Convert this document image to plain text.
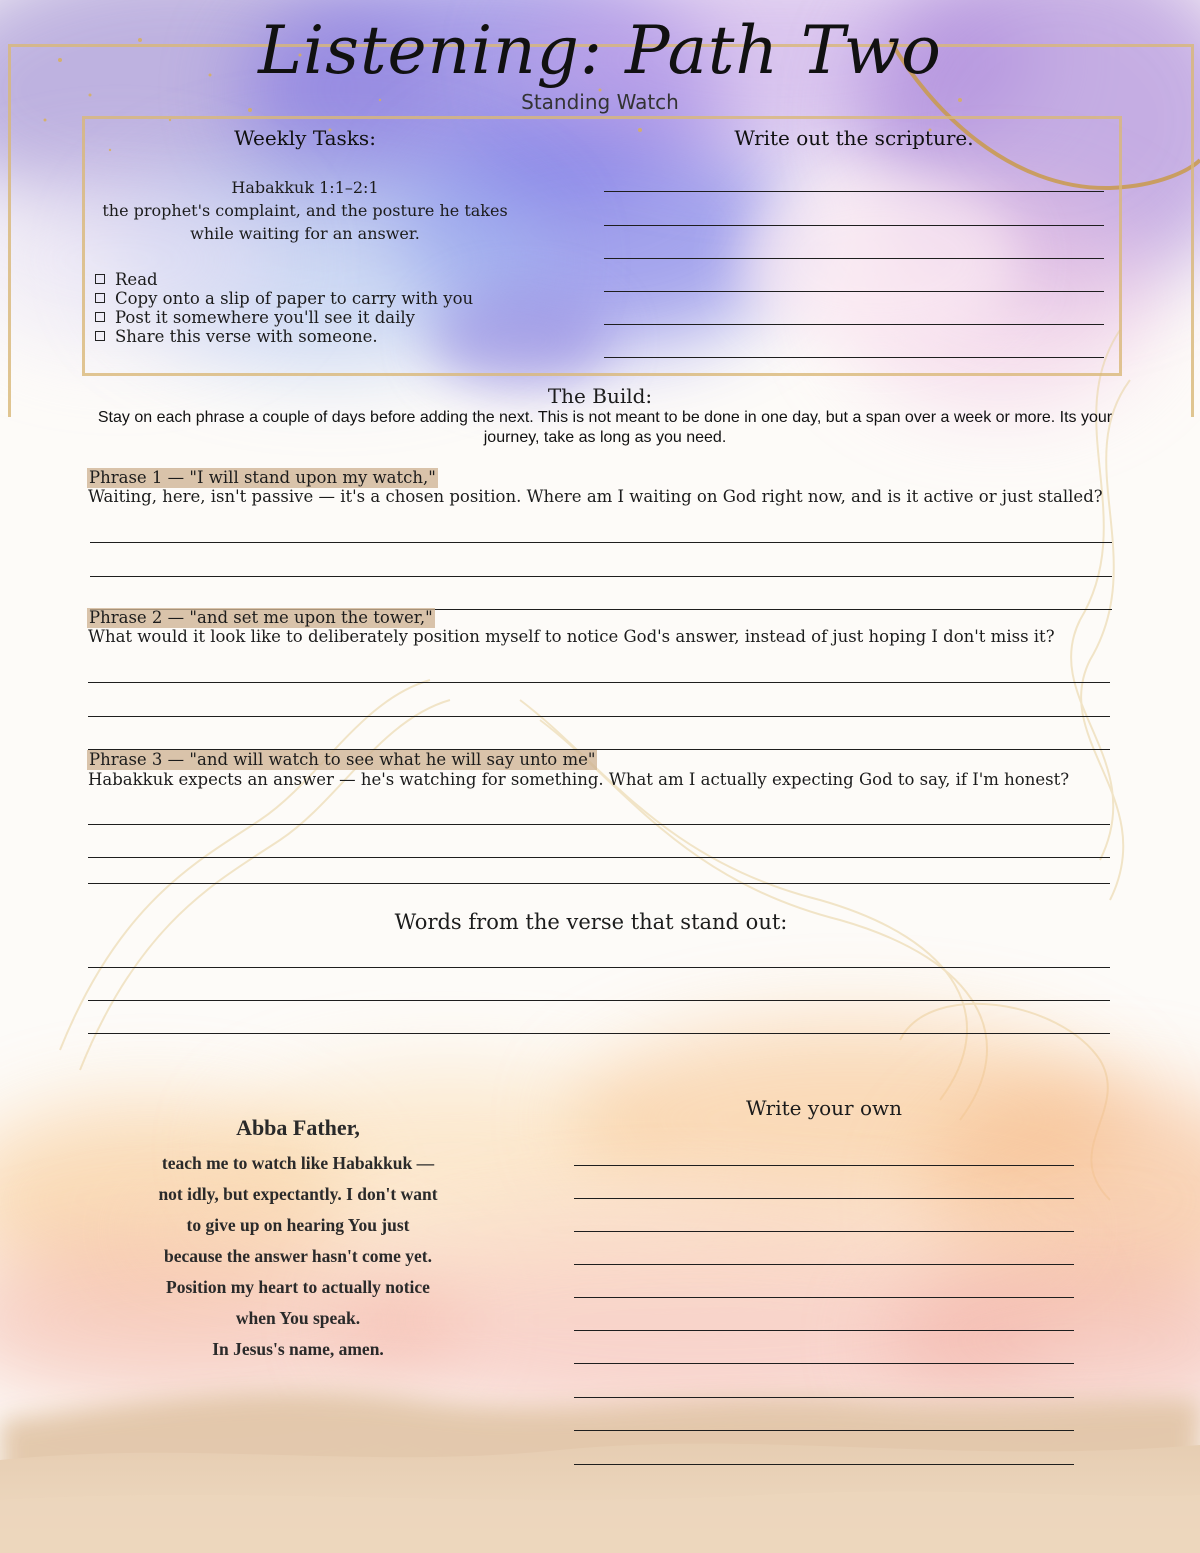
Listening: Path Two
Standing Watch
Weekly Tasks:
Habakkuk 1:1–2:1
the prophet's complaint, and the posture he takes while waiting for an answer.
Read
Copy onto a slip of paper to carry with you
Post it somewhere you'll see it daily
Share this verse with someone.
Write out the scripture.
The Build:
Stay on each phrase a couple of days before adding the next. This is not meant to be done in one day, but a span over a week or more. Its your journey, take as long as you need.
Phrase 1 — "I will stand upon my watch,"
Waiting, here, isn't passive — it's a chosen position. Where am I waiting on God right now, and is it active or just stalled?
Phrase 2 — "and set me upon the tower,"
What would it look like to deliberately position myself to notice God's answer, instead of just hoping I don't miss it?
Phrase 3 — "and will watch to see what he will say unto me"
Habakkuk expects an answer — he's watching for something. What am I actually expecting God to say, if I'm honest?
Words from the verse that stand out:
Abba Father,
teach me to watch like Habakkuk —
not idly, but expectantly. I don't want
to give up on hearing You just
because the answer hasn't come yet.
Position my heart to actually notice
when You speak.
In Jesus's name, amen.
Write your own
